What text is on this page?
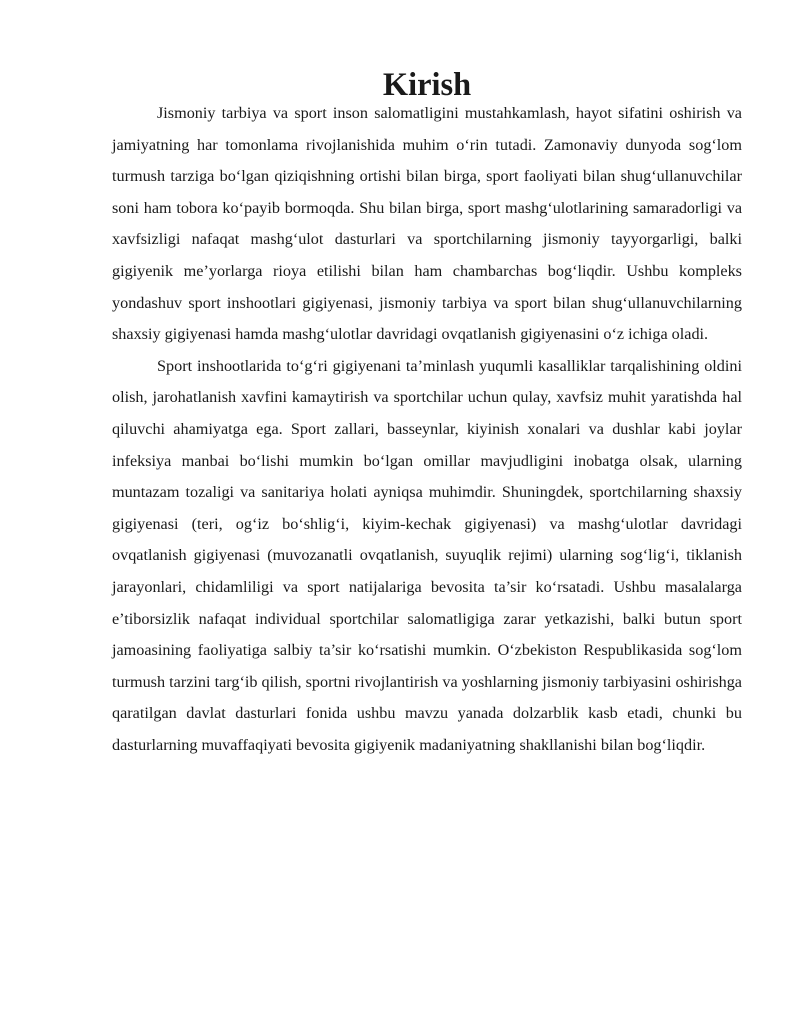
Kirish

Jismoniy tarbiya va sport inson salomatligini mustahkamlash, hayot sifatini oshirish va jamiyatning har tomonlama rivojlanishida muhim o‘rin tutadi. Zamonaviy dunyoda sog‘lom turmush tarziga bo‘lgan qiziqishning ortishi bilan birga, sport faoliyati bilan shug‘ullanuvchilar soni ham tobora ko‘payib bormoqda. Shu bilan birga, sport mashg‘ulotlarining samaradorligi va xavfsizligi nafaqat mashg‘ulot dasturlari va sportchilarning jismoniy tayyorgarligi, balki gigiyenik me’yorlarga rioya etilishi bilan ham chambarchas bog‘liqdir. Ushbu kompleks yondashuv sport inshootlari gigiyenasi, jismoniy tarbiya va sport bilan shug‘ullanuvchilarning shaxsiy gigiyenasi hamda mashg‘ulotlar davridagi ovqatlanish gigiyenasini o‘z ichiga oladi.

Sport inshootlarida to‘g‘ri gigiyenani ta’minlash yuqumli kasalliklar tarqalishining oldini olish, jarohatlanish xavfini kamaytirish va sportchilar uchun qulay, xavfsiz muhit yaratishda hal qiluvchi ahamiyatga ega. Sport zallari, basseynlar, kiyinish xonalari va dushlar kabi joylar infeksiya manbai bo‘lishi mumkin bo‘lgan omillar mavjudligini inobatga olsak, ularning muntazam tozaligi va sanitariya holati ayniqsa muhimdir. Shuningdek, sportchilarning shaxsiy gigiyenasi (teri, og‘iz bo‘shlig‘i, kiyim-kechak gigiyenasi) va mashg‘ulotlar davridagi ovqatlanish gigiyenasi (muvozanatli ovqatlanish, suyuqlik rejimi) ularning sog‘lig‘i, tiklanish jarayonlari, chidamliligi va sport natijalariga bevosita ta’sir ko‘rsatadi. Ushbu masalalarga e’tiborsizlik nafaqat individual sportchilar salomatligiga zarar yetkazishi, balki butun sport jamoasining faoliyatiga salbiy ta’sir ko‘rsatishi mumkin. O‘zbekiston Respublikasida sog‘lom turmush tarzini targ‘ib qilish, sportni rivojlantirish va yoshlarning jismoniy tarbiyasini oshirishga qaratilgan davlat dasturlari fonida ushbu mavzu yanada dolzarblik kasb etadi, chunki bu dasturlarning muvaffaqiyati bevosita gigiyenik madaniyatning shakllanishi bilan bog‘liqdir.
